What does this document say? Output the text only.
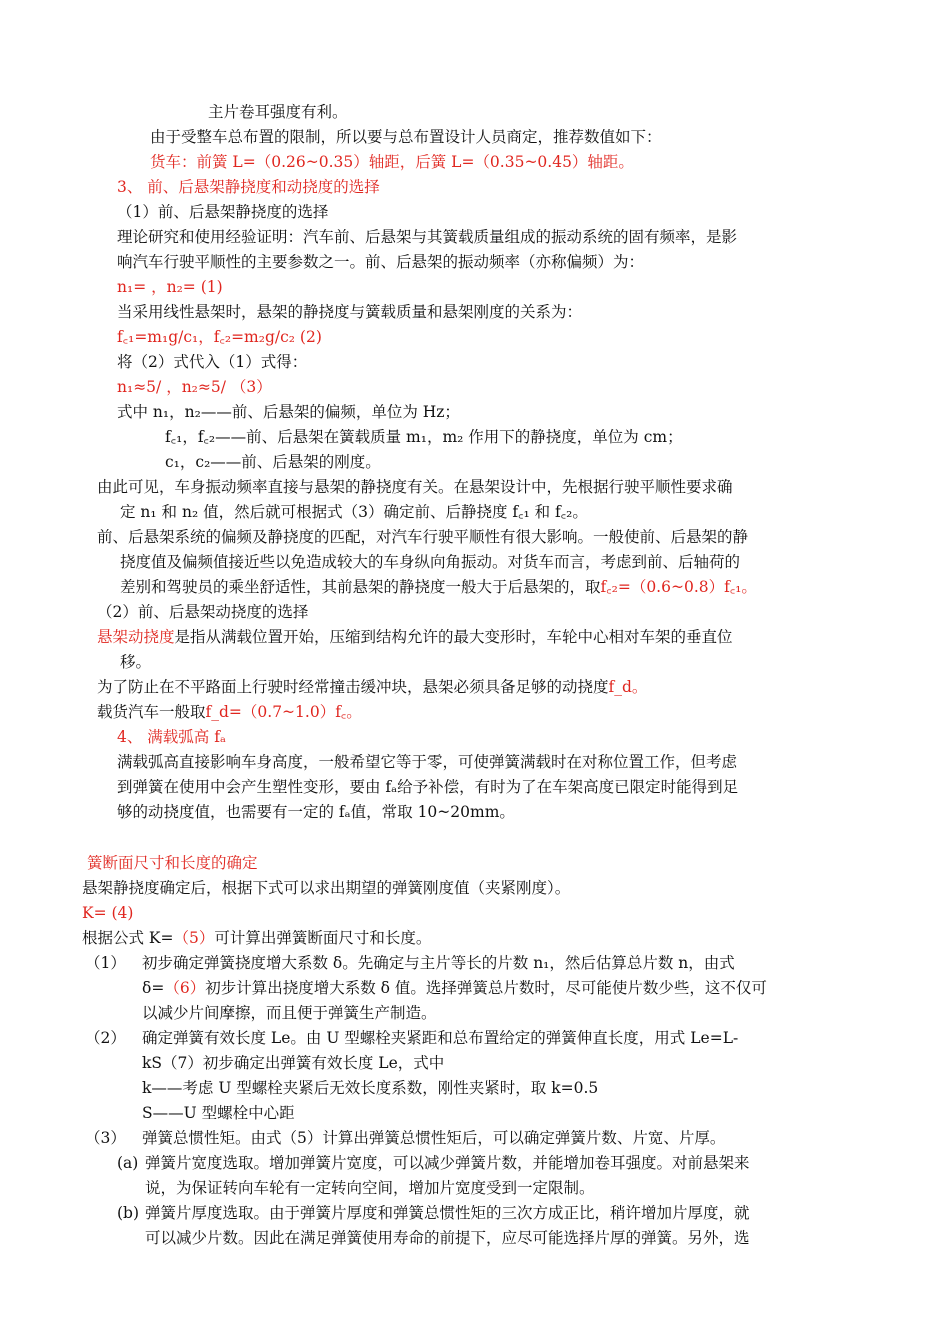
主片卷耳强度有利。
由于受整车总布置的限制，所以要与总布置设计人员商定，推荐数值如下：
货车：前簧 L=（0.26~0.35）轴距，后簧 L=（0.35~0.45）轴距。
3、 前、后悬架静挠度和动挠度的选择
（1）前、后悬架静挠度的选择
理论研究和使用经验证明：汽车前、后悬架与其簧载质量组成的振动系统的固有频率，是影
响汽车行驶平顺性的主要参数之一。前、后悬架的振动频率（亦称偏频）为：
n₁= ，n₂= (1)
当采用线性悬架时，悬架的静挠度与簧载质量和悬架刚度的关系为：
f꜀₁=m₁g/c₁，f꜀₂=m₂g/c₂ (2)
将（2）式代入（1）式得：
n₁≈5/ ，n₂≈5/ （3）
式中 n₁，n₂——前、后悬架的偏频，单位为 Hz；
f꜀₁，f꜀₂——前、后悬架在簧载质量 m₁，m₂ 作用下的静挠度，单位为 cm；
c₁，c₂——前、后悬架的刚度。
由此可见，车身振动频率直接与悬架的静挠度有关。在悬架设计中，先根据行驶平顺性要求确
定 n₁ 和 n₂ 值，然后就可根据式（3）确定前、后静挠度 f꜀₁ 和 f꜀₂。
前、后悬架系统的偏频及静挠度的匹配，对汽车行驶平顺性有很大影响。一般使前、后悬架的静
挠度值及偏频值接近些以免造成较大的车身纵向角振动。对货车而言，考虑到前、后轴荷的
差别和驾驶员的乘坐舒适性，其前悬架的静挠度一般大于后悬架的，取f꜀₂=（0.6~0.8）f꜀₁。
（2）前、后悬架动挠度的选择
悬架动挠度是指从满载位置开始，压缩到结构允许的最大变形时，车轮中心相对车架的垂直位
移。
为了防止在不平路面上行驶时经常撞击缓冲块，悬架必须具备足够的动挠度f_d。
载货汽车一般取f_d=（0.7~1.0）f꜀。
4、 满载弧高 fₐ
满载弧高直接影响车身高度，一般希望它等于零，可使弹簧满载时在对称位置工作，但考虑
到弹簧在使用中会产生塑性变形，要由 fₐ给予补偿，有时为了在车架高度已限定时能得到足
够的动挠度值，也需要有一定的 fₐ值，常取 10~20mm。
簧断面尺寸和长度的确定
悬架静挠度确定后，根据下式可以求出期望的弹簧刚度值（夹紧刚度）。
K= (4)
根据公式 K=（5）可计算出弹簧断面尺寸和长度。
（1） 初步确定弹簧挠度增大系数 δ。先确定与主片等长的片数 n₁，然后估算总片数 n，由式
δ=（6）初步计算出挠度增大系数 δ 值。选择弹簧总片数时，尽可能使片数少些，这不仅可
以减少片间摩擦，而且便于弹簧生产制造。
（2） 确定弹簧有效长度 Le。由 U 型螺栓夹紧距和总布置给定的弹簧伸直长度，用式 Le=L-
kS（7）初步确定出弹簧有效长度 Le，式中
k——考虑 U 型螺栓夹紧后无效长度系数，刚性夹紧时，取 k=0.5
S——U 型螺栓中心距
（3） 弹簧总惯性矩。由式（5）计算出弹簧总惯性矩后，可以确定弹簧片数、片宽、片厚。
(a) 弹簧片宽度选取。增加弹簧片宽度，可以减少弹簧片数，并能增加卷耳强度。对前悬架来
说，为保证转向车轮有一定转向空间，增加片宽度受到一定限制。
(b) 弹簧片厚度选取。由于弹簧片厚度和弹簧总惯性矩的三次方成正比，稍许增加片厚度，就
可以减少片数。因此在满足弹簧使用寿命的前提下，应尽可能选择片厚的弹簧。另外，选
